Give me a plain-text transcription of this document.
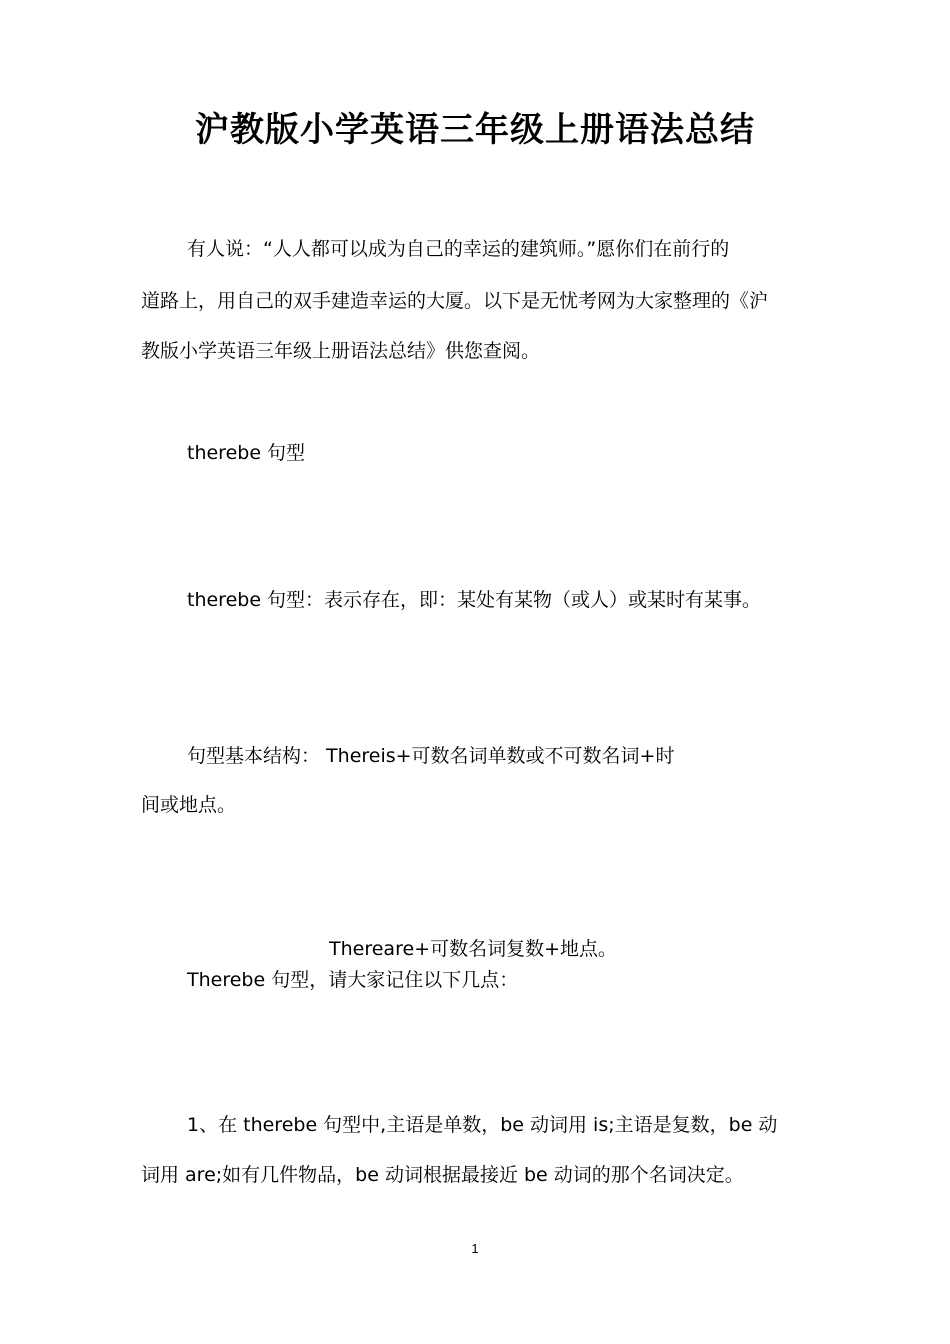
沪教版小学英语三年级上册语法总结
有人说：“人人都可以成为自己的幸运的建筑师。”愿你们在前行的
道路上，用自己的双手建造幸运的大厦。以下是无忧考网为大家整理的《沪
教版小学英语三年级上册语法总结》供您查阅。
therebe 句型
therebe 句型：表示存在，即：某处有某物（或人）或某时有某事。
句型基本结构： Thereis+可数名词单数或不可数名词+时
间或地点。
Thereare+可数名词复数+地点。
Therebe 句型，请大家记住以下几点：
1、在 therebe 句型中,主语是单数，be 动词用 is;主语是复数，be 动
词用 are;如有几件物品，be 动词根据最接近 be 动词的那个名词决定。
1
